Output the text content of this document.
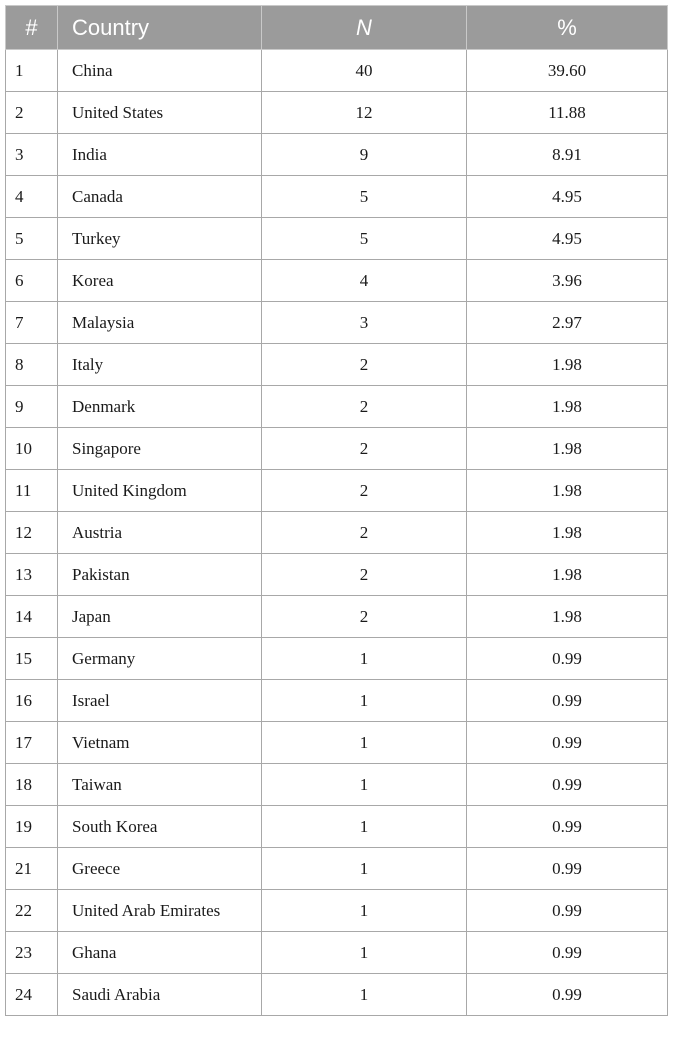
#	Country	N	%
1	China	40	39.60
2	United States	12	11.88
3	India	9	8.91
4	Canada	5	4.95
5	Turkey	5	4.95
6	Korea	4	3.96
7	Malaysia	3	2.97
8	Italy	2	1.98
9	Denmark	2	1.98
10	Singapore	2	1.98
11	United Kingdom	2	1.98
12	Austria	2	1.98
13	Pakistan	2	1.98
14	Japan	2	1.98
15	Germany	1	0.99
16	Israel	1	0.99
17	Vietnam	1	0.99
18	Taiwan	1	0.99
19	South Korea	1	0.99
21	Greece	1	0.99
22	United Arab Emirates	1	0.99
23	Ghana	1	0.99
24	Saudi Arabia	1	0.99
